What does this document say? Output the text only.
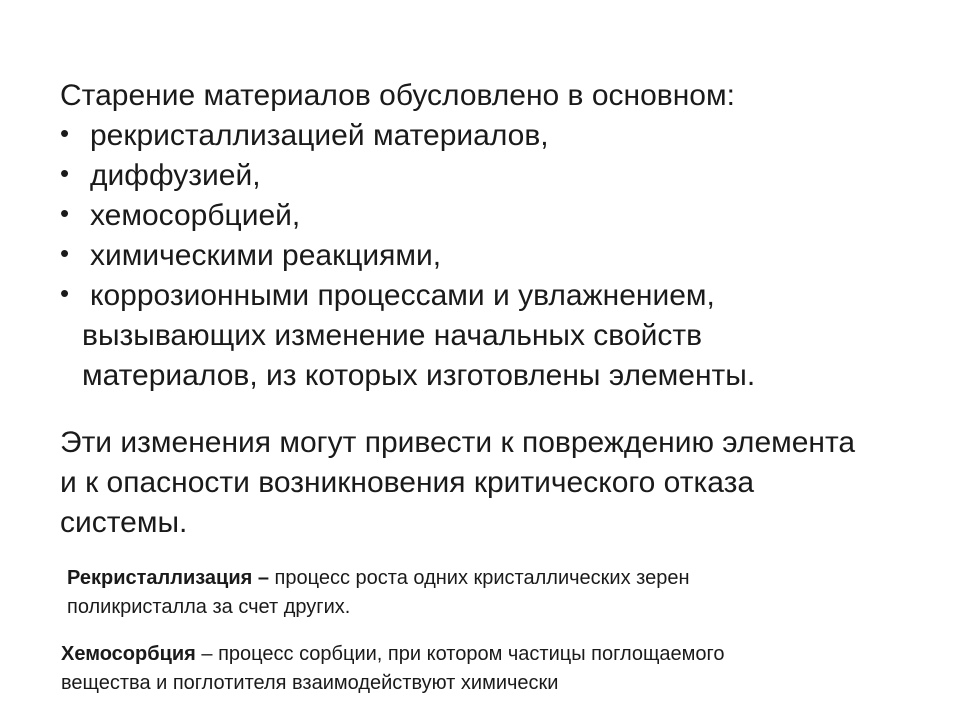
Старение материалов обусловлено в основном:

• рекристаллизацией материалов,
• диффузией,
• хемосорбцией,
• химическими реакциями,
• коррозионными процессами и увлажнением,
вызывающих изменение начальных свойств
материалов, из которых изготовлены элементы.
Эти изменения могут привести к повреждению элемента
и к опасности возникновения критического отказа
системы.
Рекристаллизация – процесс роста одних кристаллических зерен
поликристалла за счет других.
Хемосорбция – процесс сорбции, при котором частицы поглощаемого
вещества и поглотителя взаимодействуют химически
